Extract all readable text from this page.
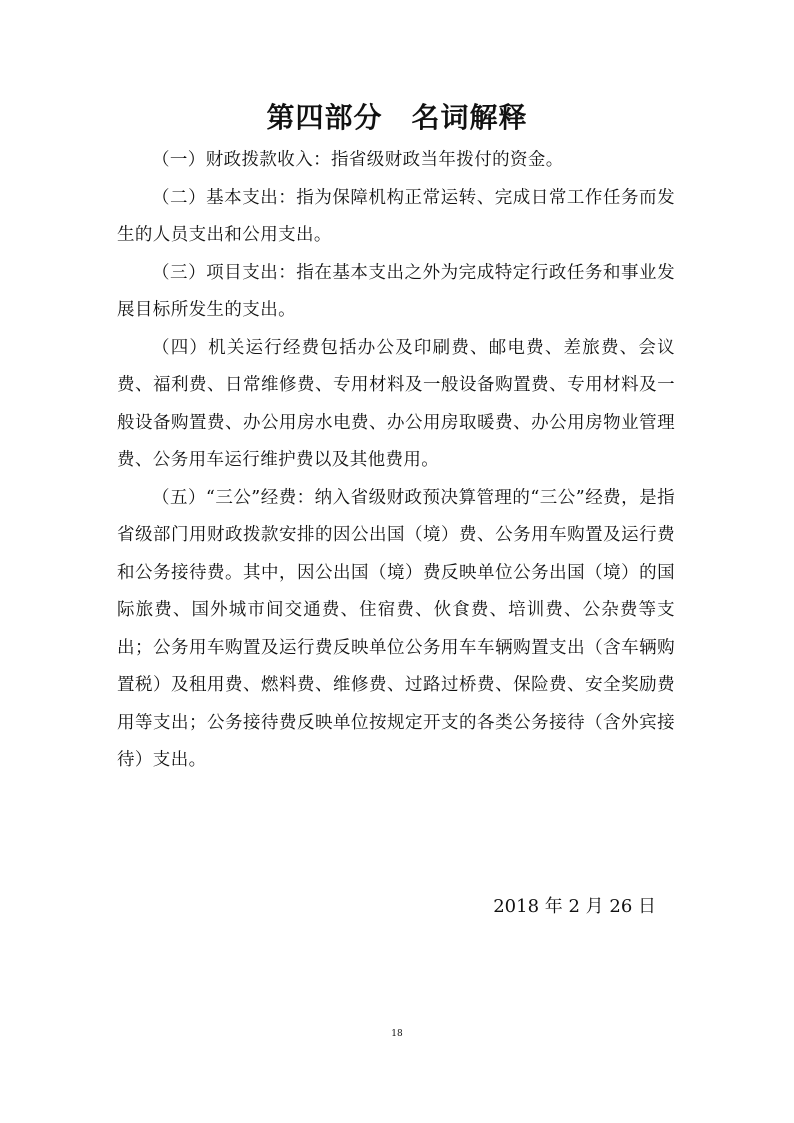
第四部分　名词解释

（一）财政拨款收入：指省级财政当年拨付的资金。

（二）基本支出：指为保障机构正常运转、完成日常工作任务而发生的人员支出和公用支出。

（三）项目支出：指在基本支出之外为完成特定行政任务和事业发展目标所发生的支出。

（四）机关运行经费包括办公及印刷费、邮电费、差旅费、会议费、福利费、日常维修费、专用材料及一般设备购置费、专用材料及一般设备购置费、办公用房水电费、办公用房取暖费、办公用房物业管理费、公务用车运行维护费以及其他费用。

（五）“三公”经费：纳入省级财政预决算管理的“三公”经费，是指省级部门用财政拨款安排的因公出国（境）费、公务用车购置及运行费和公务接待费。其中，因公出国（境）费反映单位公务出国（境）的国际旅费、国外城市间交通费、住宿费、伙食费、培训费、公杂费等支出；公务用车购置及运行费反映单位公务用车车辆购置支出（含车辆购置税）及租用费、燃料费、维修费、过路过桥费、保险费、安全奖励费用等支出；公务接待费反映单位按规定开支的各类公务接待（含外宾接待）支出。

2018 年 2 月 26 日
18
